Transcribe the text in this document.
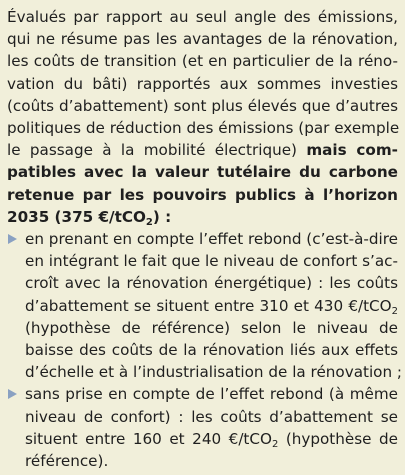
Évalués par rapport au seul angle des émissions,
qui ne résume pas les avantages de la rénovation,
les coûts de transition (et en particulier de la réno-
vation du bâti) rapportés aux sommes investies
(coûts d’abattement) sont plus élevés que d’autres
politiques de réduction des émissions (par exemple
le passage à la mobilité électrique) mais com-
patibles avec la valeur tutélaire du carbone
retenue par les pouvoirs publics à l’horizon
2035 (375 €/tCO$_2$) :

en prenant en compte l’effet rebond (c’est-à-dire
en intégrant le fait que le niveau de confort s’ac-
croît avec la rénovation énergétique) : les coûts
d’abattement se situent entre 310 et 430 €/tCO$_2$
(hypothèse de référence) selon le niveau de
baisse des coûts de la rénovation liés aux effets
d’échelle et à l’industrialisation de la rénovation ;
sans prise en compte de l’effet rebond (à même
niveau de confort) : les coûts d’abattement se
situent entre 160 et 240 €/tCO$_2$ (hypothèse de
référence).
